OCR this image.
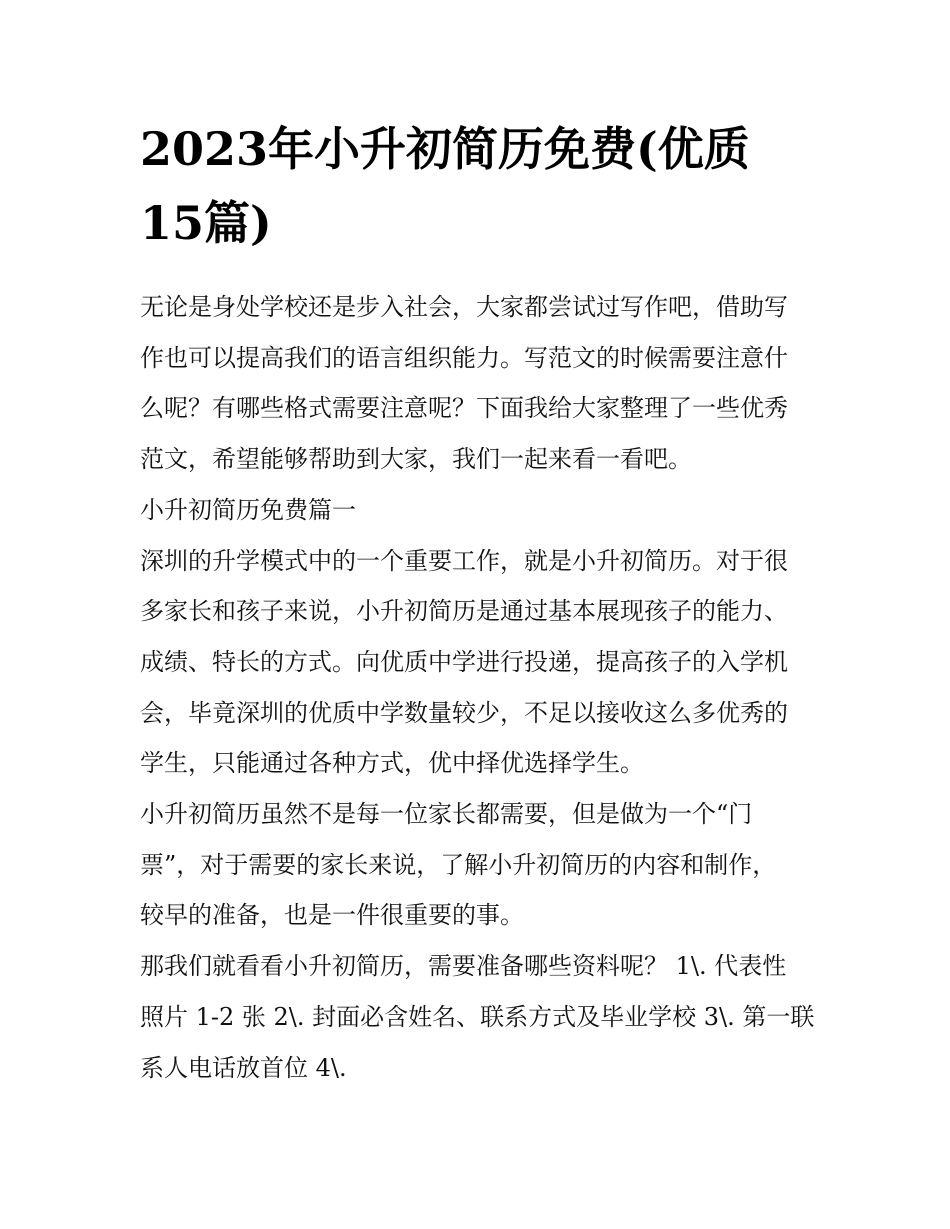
2023年小升初简历免费(优质
15篇)

无论是身处学校还是步入社会，大家都尝试过写作吧，借助写
作也可以提高我们的语言组织能力。写范文的时候需要注意什
么呢？有哪些格式需要注意呢？下面我给大家整理了一些优秀
范文，希望能够帮助到大家，我们一起来看一看吧。

小升初简历免费篇一

深圳的升学模式中的一个重要工作，就是小升初简历。对于很
多家长和孩子来说，小升初简历是通过基本展现孩子的能力、
成绩、特长的方式。向优质中学进行投递，提高孩子的入学机
会，毕竟深圳的优质中学数量较少，不足以接收这么多优秀的
学生，只能通过各种方式，优中择优选择学生。

小升初简历虽然不是每一位家长都需要，但是做为一个“门
票”，对于需要的家长来说，了解小升初简历的内容和制作，
较早的准备，也是一件很重要的事。

那我们就看看小升初简历，需要准备哪些资料呢？ 1\. 代表性
照片 1-2 张 2\. 封面必含姓名、联系方式及毕业学校 3\. 第一联
系人电话放首位 4\.
